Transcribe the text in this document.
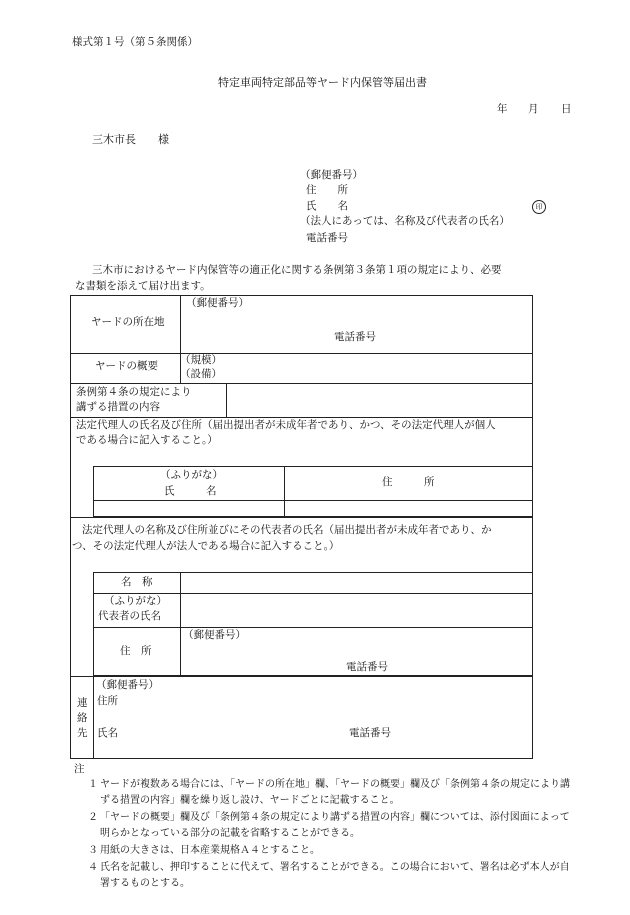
様式第１号（第５条関係）
特定車両特定部品等ヤード内保管等届出書
年 月 日
三木市長　　様
（郵便番号）
住　　所
氏　　名	印
（法人にあっては、名称及び代表者の氏名）
電話番号
三木市におけるヤード内保管等の適正化に関する条例第３条第１項の規定により、必要
な書類を添えて届け出ます。
ヤードの所在地
（郵便番号）
電話番号
ヤードの概要 （規模）
（設備）
条例第４条の規定により
講ずる措置の内容
法定代理人の氏名及び住所（届出提出者が未成年者であり、かつ、その法定代理人が個人
である場合に記入すること。）
（ふりがな）
氏　　　名
住　　　所
法定代理人の名称及び住所並びにその代表者の氏名（届出提出者が未成年者であり、か
つ、その法定代理人が法人である場合に記入すること。）
名　称
（ふりがな）
代表者の氏名
住　所
（郵便番号）
電話番号
連
絡
先
（郵便番号）
住所
氏名	電話番号
注
１ ヤードが複数ある場合には、「ヤードの所在地」欄、「ヤードの概要」欄及び「条例第４条の規定により講ずる措置の内容」欄を繰り返し設け、ヤードごとに記載すること。
２ 「ヤードの概要」欄及び「条例第４条の規定により講ずる措置の内容」欄については、添付図面によって明らかとなっている部分の記載を省略することができる。
３ 用紙の大きさは、日本産業規格Ａ４とすること。
４ 氏名を記載し、押印することに代えて、署名することができる。この場合において、署名は必ず本人が自署するものとする。
